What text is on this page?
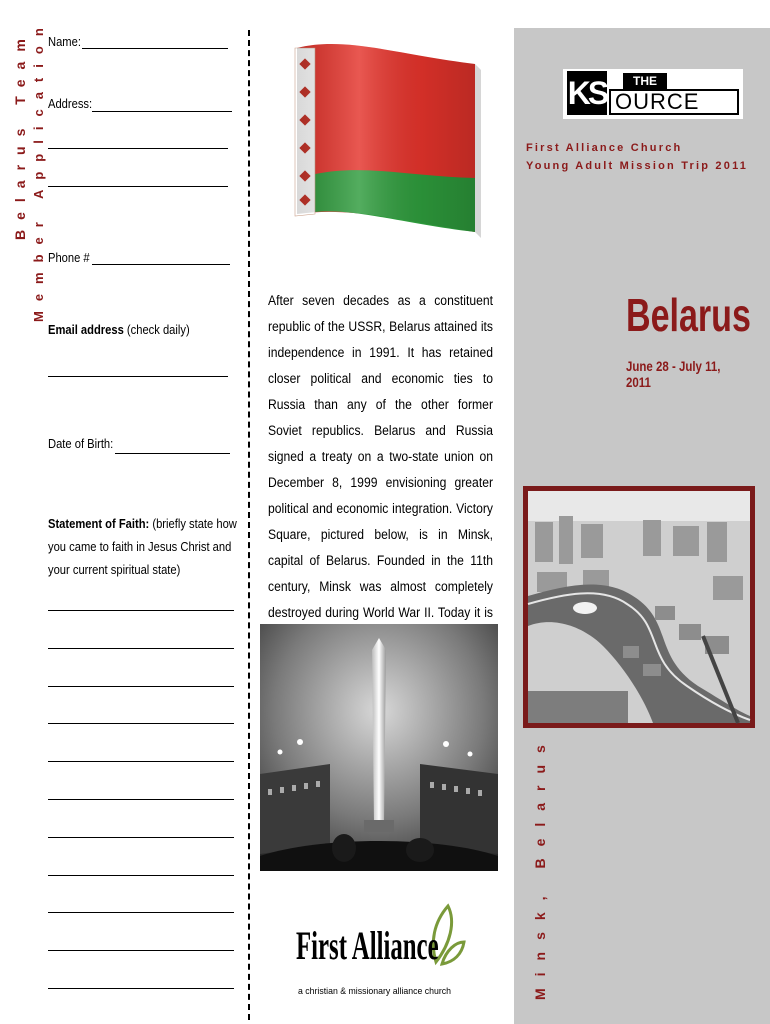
Belarus Team Member Application Name:
Address:
Phone #
Email address (check daily)
Date of Birth:
Statement of Faith: (briefly state how you came to faith in Jesus Christ and your current spiritual state)
After seven decades as a constituent republic of the USSR, Belarus attained its independence in 1991. It has retained closer political and economic ties to Russia than any of the other former Soviet republics. Belarus and Russia signed a treaty on a two-state union on December 8, 1999 envisioning greater political and economic integration. Victory Square, pictured below, is in Minsk, capital of Belarus. Founded in the 11th century, Minsk was almost completely destroyed during World War II. Today it is
First Alliance
a christian & missionary alliance church
KS	THE
OURCE
First Alliance Church
Young Adult Mission Trip 2011
Belarus
June 28 - July 11, 2011
Minsk, Belarus
